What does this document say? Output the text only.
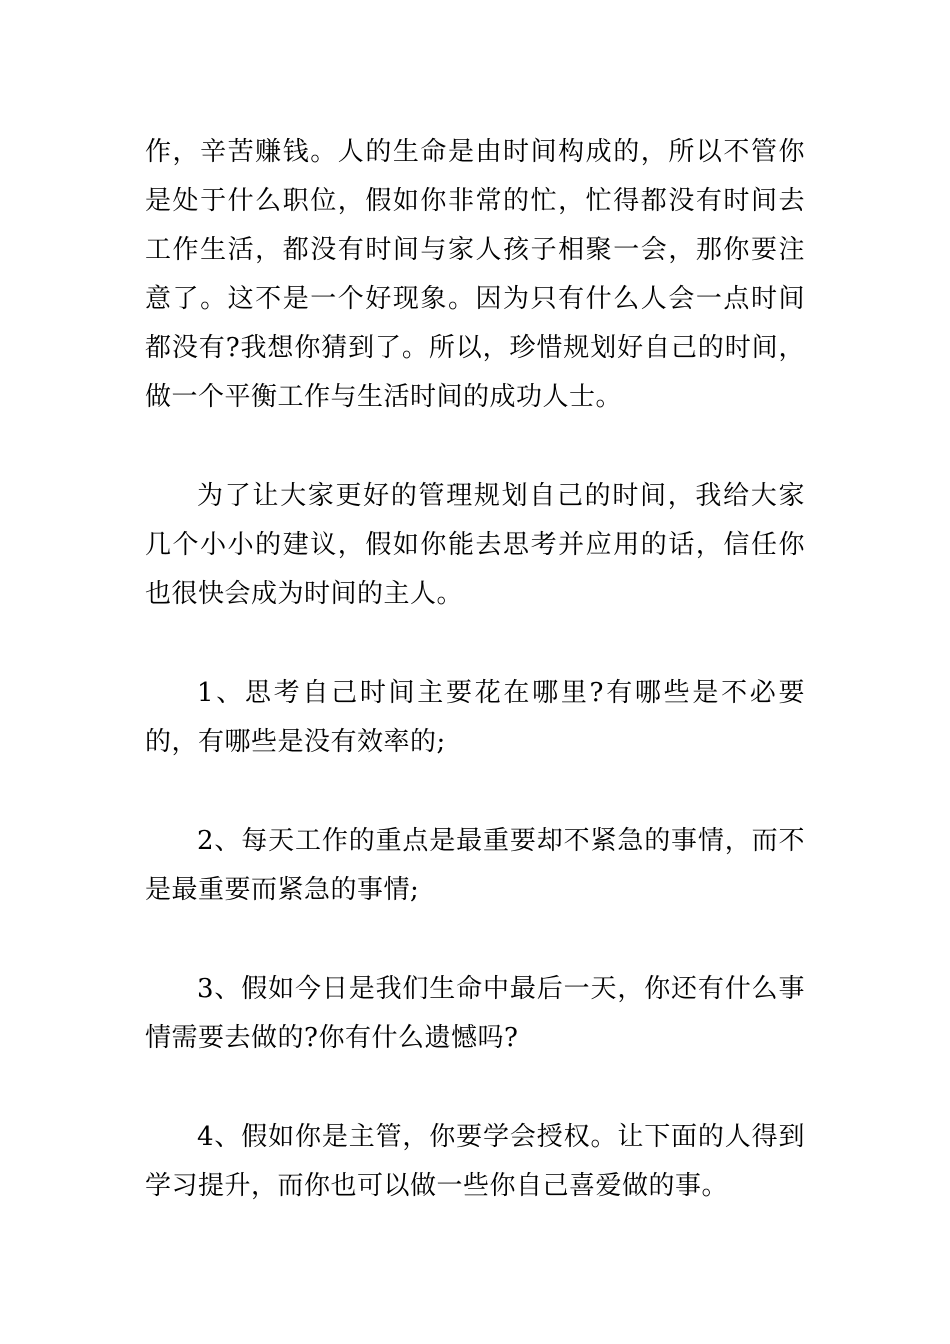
作，辛苦赚钱。人的生命是由时间构成的，所以不管你是处于什么职位，假如你非常的忙，忙得都没有时间去工作生活，都没有时间与家人孩子相聚一会，那你要注意了。这不是一个好现象。因为只有什么人会一点时间都没有?我想你猜到了。所以，珍惜规划好自己的时间，做一个平衡工作与生活时间的成功人士。

为了让大家更好的管理规划自己的时间，我给大家几个小小的建议，假如你能去思考并应用的话，信任你也很快会成为时间的主人。

1、思考自己时间主要花在哪里?有哪些是不必要的，有哪些是没有效率的;

2、每天工作的重点是最重要却不紧急的事情，而不是最重要而紧急的事情;

3、假如今日是我们生命中最后一天，你还有什么事情需要去做的?你有什么遗憾吗?

4、假如你是主管，你要学会授权。让下面的人得到学习提升，而你也可以做一些你自己喜爱做的事。
